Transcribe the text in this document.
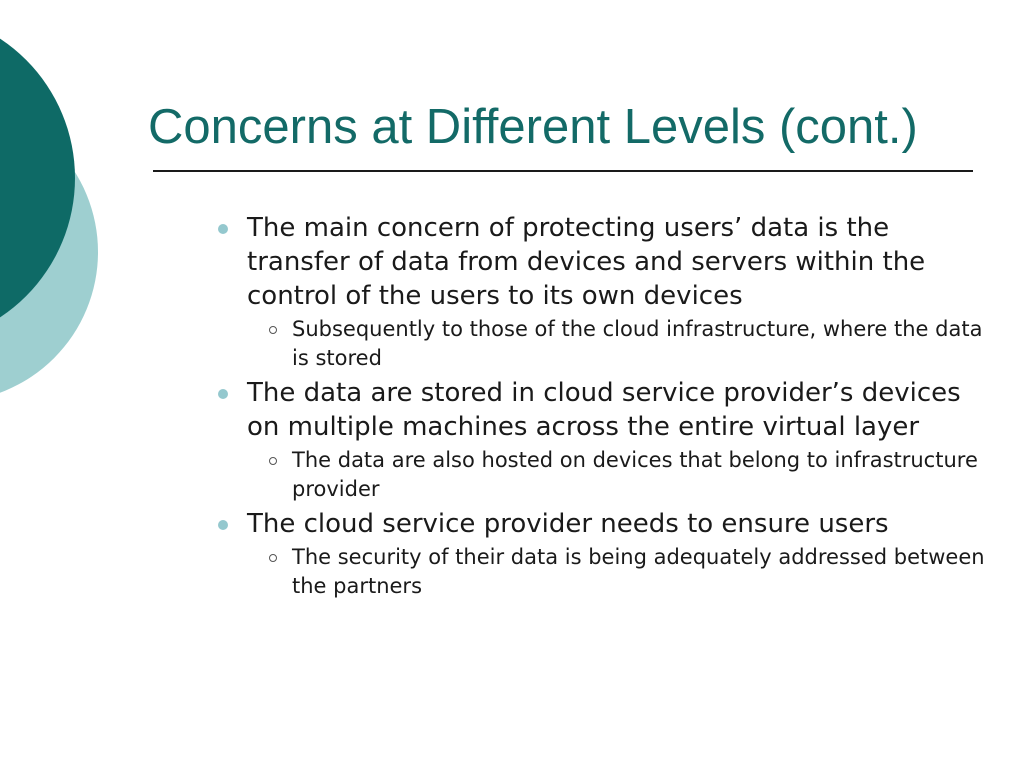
Concerns at Different Levels (cont.)
The main concern of protecting users’ data is the transfer of data from devices and servers within the control of the users to its own devices
Subsequently to those of the cloud infrastructure, where the data is stored
The data are stored in cloud service provider’s devices on multiple machines across the entire virtual layer
The data are also hosted on devices that belong to infrastructure provider
The cloud service provider needs to ensure users
The security of their data is being adequately addressed between the partners
